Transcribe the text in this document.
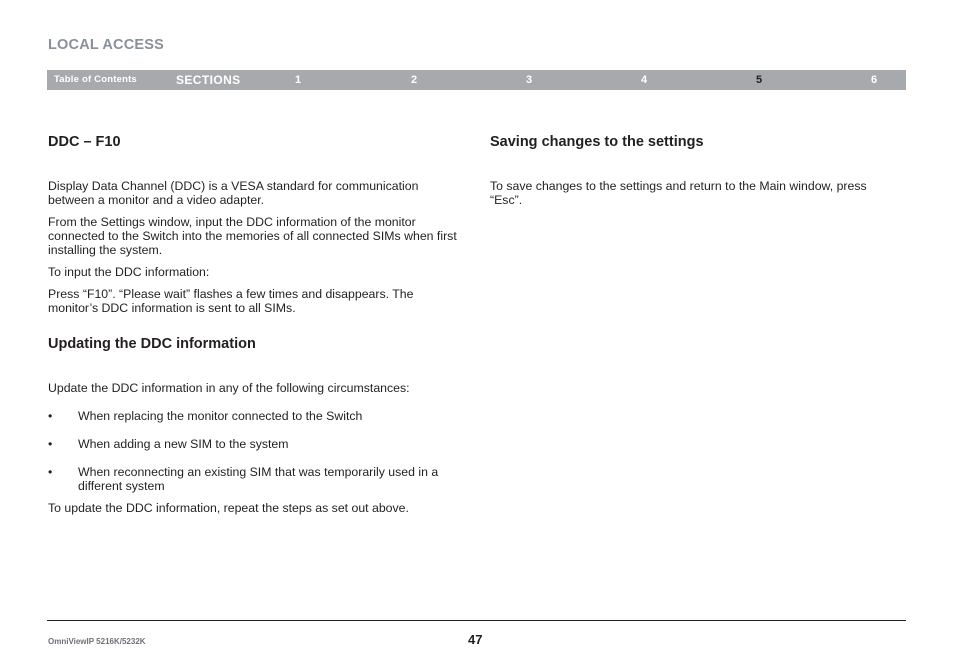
LOCAL ACCESS
Table of Contents	SECTIONS	1	2	3	4	5	6
DDC – F10

Display Data Channel (DDC) is a VESA standard for communication between a monitor and a video adapter.

From the Settings window, input the DDC information of the monitor connected to the Switch into the memories of all connected SIMs when first installing the system.

To input the DDC information:

Press “F10”. “Please wait” flashes a few times and disappears. The monitor’s DDC information is sent to all SIMs.

Updating the DDC information

Update the DDC information in any of the following circumstances:

• When replacing the monitor connected to the Switch
• When adding a new SIM to the system
• When reconnecting an existing SIM that was temporarily used in a different system

To update the DDC information, repeat the steps as set out above.

Saving changes to the settings

To save changes to the settings and return to the Main window, press “Esc”.

OmniViewIP 5216K/5232K	47
